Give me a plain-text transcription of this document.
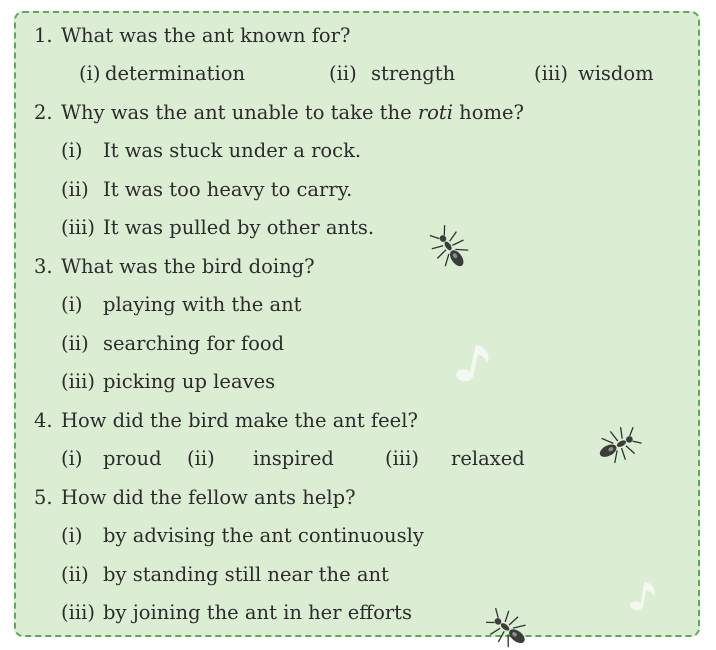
1. What was the ant known for?
(i) determination	(ii) strength	(iii) wisdom
2. Why was the ant unable to take the roti home?
(i) It was stuck under a rock.
(ii) It was too heavy to carry.
(iii) It was pulled by other ants.
3. What was the bird doing?
(i) playing with the ant
(ii) searching for food
(iii) picking up leaves
4. How did the bird make the ant feel?
(i) proud (ii) inspired	(iii) relaxed
5. How did the fellow ants help?
(i) by advising the ant continuously
(ii) by standing still near the ant
(iii) by joining the ant in her efforts
